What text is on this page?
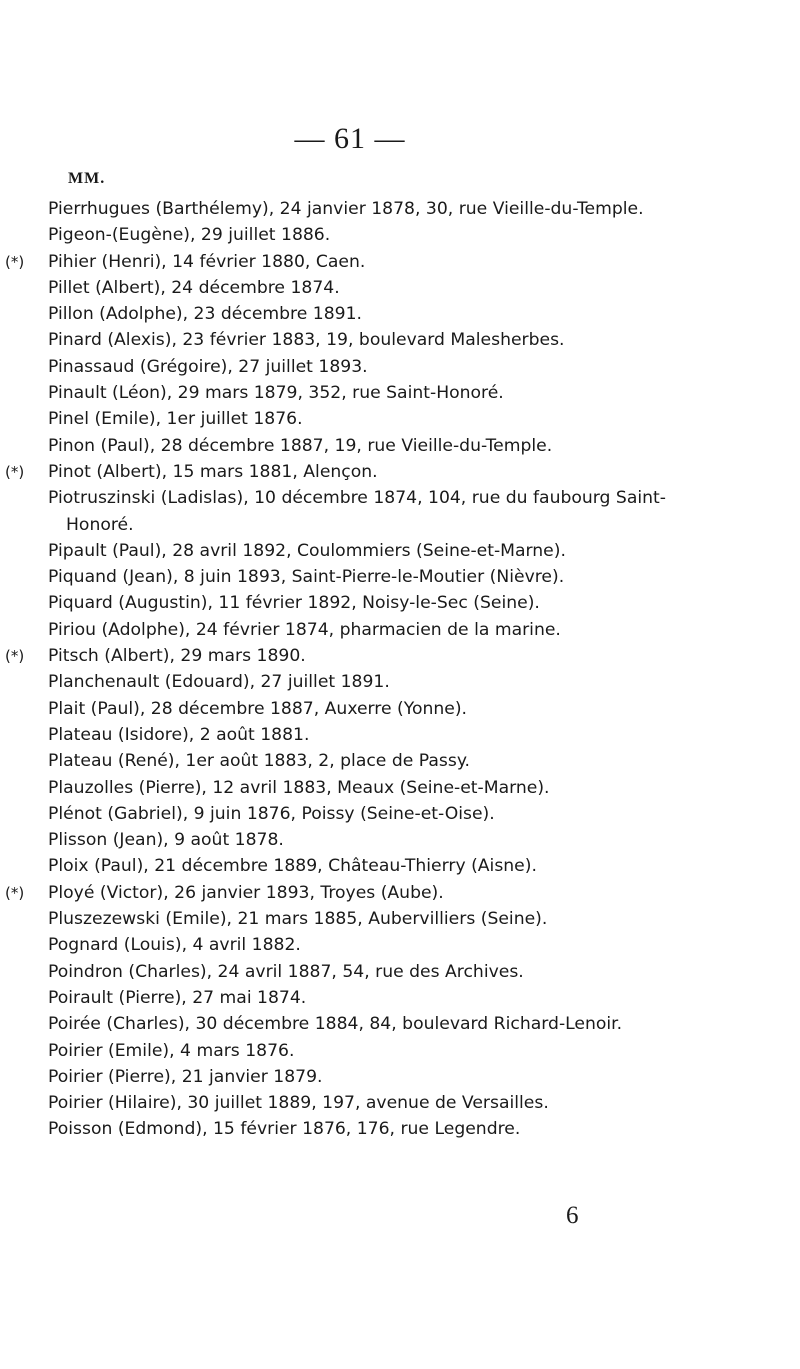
— 61 —
MM.
Pierrhugues (Barthélemy), 24 janvier 1878, 30, rue Vieille-du-Temple.
Pigeon-(Eugène), 29 juillet 1886.
(*) Pihier (Henri), 14 février 1880, Caen.
Pillet (Albert), 24 décembre 1874.
Pillon (Adolphe), 23 décembre 1891.
Pinard (Alexis), 23 février 1883, 19, boulevard Malesherbes.
Pinassaud (Grégoire), 27 juillet 1893.
Pinault (Léon), 29 mars 1879, 352, rue Saint-Honoré.
Pinel (Emile), 1er juillet 1876.
Pinon (Paul), 28 décembre 1887, 19, rue Vieille-du-Temple.
(*) Pinot (Albert), 15 mars 1881, Alençon.
Piotruszinski (Ladislas), 10 décembre 1874, 104, rue du faubourg Saint-Honoré.
Pipault (Paul), 28 avril 1892, Coulommiers (Seine-et-Marne).
Piquand (Jean), 8 juin 1893, Saint-Pierre-le-Moutier (Nièvre).
Piquard (Augustin), 11 février 1892, Noisy-le-Sec (Seine).
Piriou (Adolphe), 24 février 1874, pharmacien de la marine.
(*) Pitsch (Albert), 29 mars 1890.
Planchenault (Edouard), 27 juillet 1891.
Plait (Paul), 28 décembre 1887, Auxerre (Yonne).
Plateau (Isidore), 2 août 1881.
Plateau (René), 1er août 1883, 2, place de Passy.
Plauzolles (Pierre), 12 avril 1883, Meaux (Seine-et-Marne).
Plénot (Gabriel), 9 juin 1876, Poissy (Seine-et-Oise).
Plisson (Jean), 9 août 1878.
Ploix (Paul), 21 décembre 1889, Château-Thierry (Aisne).
(*) Ployé (Victor), 26 janvier 1893, Troyes (Aube).
Pluszezewski (Emile), 21 mars 1885, Aubervilliers (Seine).
Pognard (Louis), 4 avril 1882.
Poindron (Charles), 24 avril 1887, 54, rue des Archives.
Poirault (Pierre), 27 mai 1874.
Poirée (Charles), 30 décembre 1884, 84, boulevard Richard-Lenoir.
Poirier (Emile), 4 mars 1876.
Poirier (Pierre), 21 janvier 1879.
Poirier (Hilaire), 30 juillet 1889, 197, avenue de Versailles.
Poisson (Edmond), 15 février 1876, 176, rue Legendre.
6
